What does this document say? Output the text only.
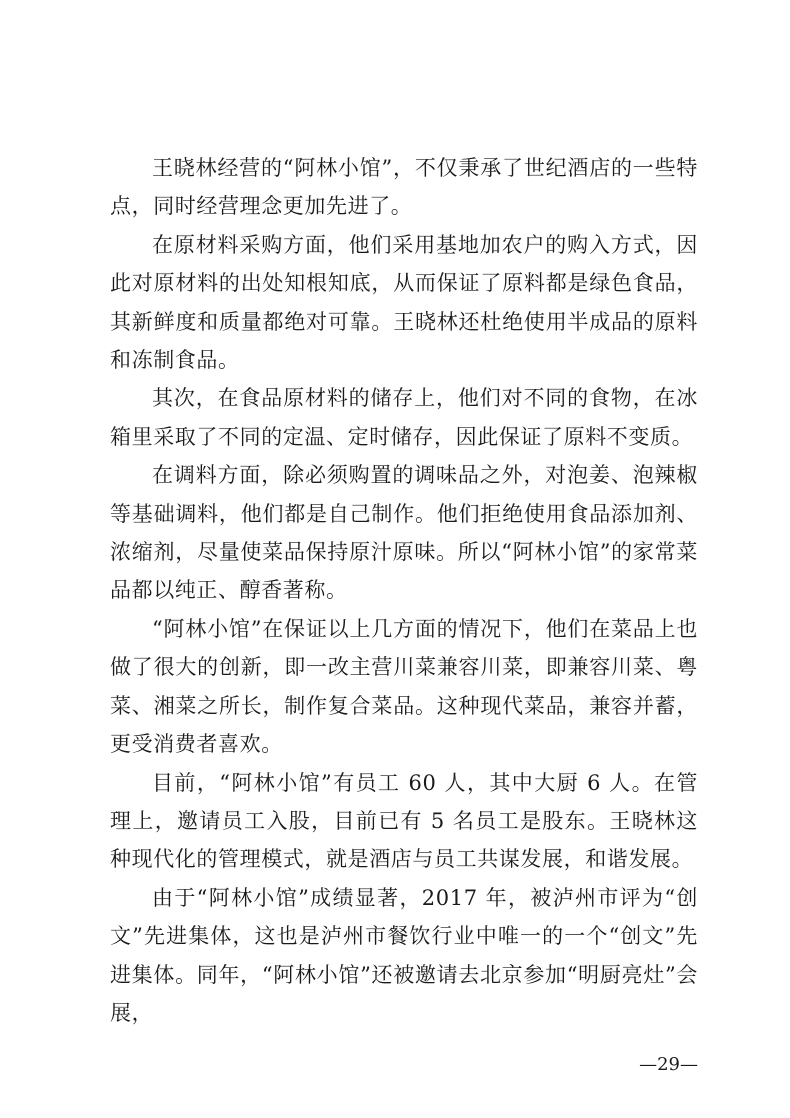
王晓林经营的“阿林小馆”，不仅秉承了世纪酒店的一些特点，同时经营理念更加先进了。

在原材料采购方面，他们采用基地加农户的购入方式，因此对原材料的出处知根知底，从而保证了原料都是绿色食品，其新鲜度和质量都绝对可靠。王晓林还杜绝使用半成品的原料和冻制食品。

其次，在食品原材料的储存上，他们对不同的食物，在冰箱里采取了不同的定温、定时储存，因此保证了原料不变质。

在调料方面，除必须购置的调味品之外，对泡姜、泡辣椒等基础调料，他们都是自己制作。他们拒绝使用食品添加剂、浓缩剂，尽量使菜品保持原汁原味。所以“阿林小馆”的家常菜品都以纯正、醇香著称。

“阿林小馆”在保证以上几方面的情况下，他们在菜品上也做了很大的创新，即一改主营川菜兼容川菜，即兼容川菜、粤菜、湘菜之所长，制作复合菜品。这种现代菜品，兼容并蓄，更受消费者喜欢。

目前，“阿林小馆”有员工 60 人，其中大厨 6 人。在管理上，邀请员工入股，目前已有 5 名员工是股东。王晓林这种现代化的管理模式，就是酒店与员工共谋发展，和谐发展。

由于“阿林小馆”成绩显著，2017 年，被泸州市评为“创文”先进集体，这也是泸州市餐饮行业中唯一的一个“创文”先进集体。同年，“阿林小馆”还被邀请去北京参加“明厨亮灶”会展，

—29—
